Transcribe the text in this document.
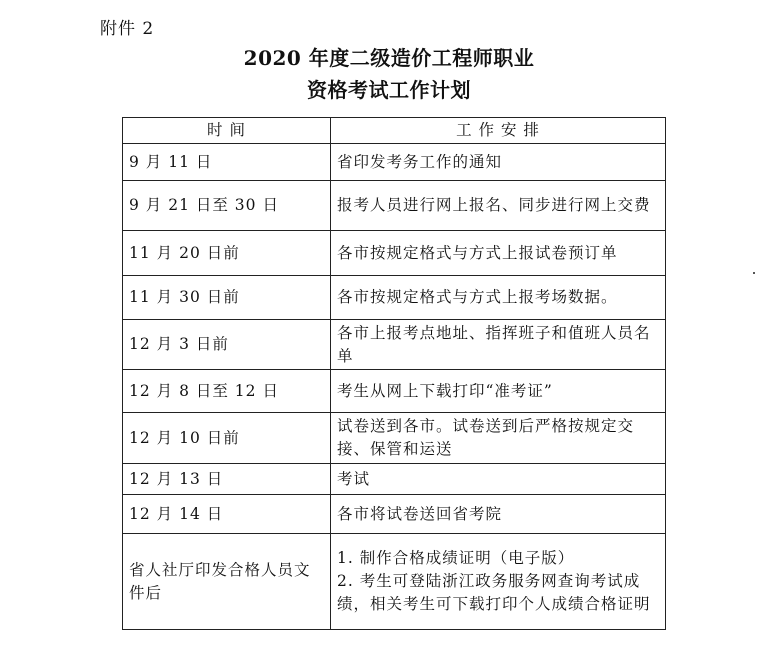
附件 2
2020 年度二级造价工程师职业
资格考试工作计划
时 间	工 作 安 排
9 月 11 日	省印发考务工作的通知
9 月 21 日至 30 日	报考人员进行网上报名、同步进行网上交费
11 月 20 日前	各市按规定格式与方式上报试卷预订单
11 月 30 日前	各市按规定格式与方式上报考场数据。
12 月 3 日前	各市上报考点地址、指挥班子和值班人员名单
12 月 8 日至 12 日	考生从网上下载打印“准考证”
12 月 10 日前	试卷送到各市。试卷送到后严格按规定交接、保管和运送
12 月 13 日	考试
12 月 14 日	各市将试卷送回省考院
省人社厅印发合格人员文件后	1. 制作合格成绩证明（电子版）
2. 考生可登陆浙江政务服务网查询考试成绩，相关考生可下载打印个人成绩合格证明
